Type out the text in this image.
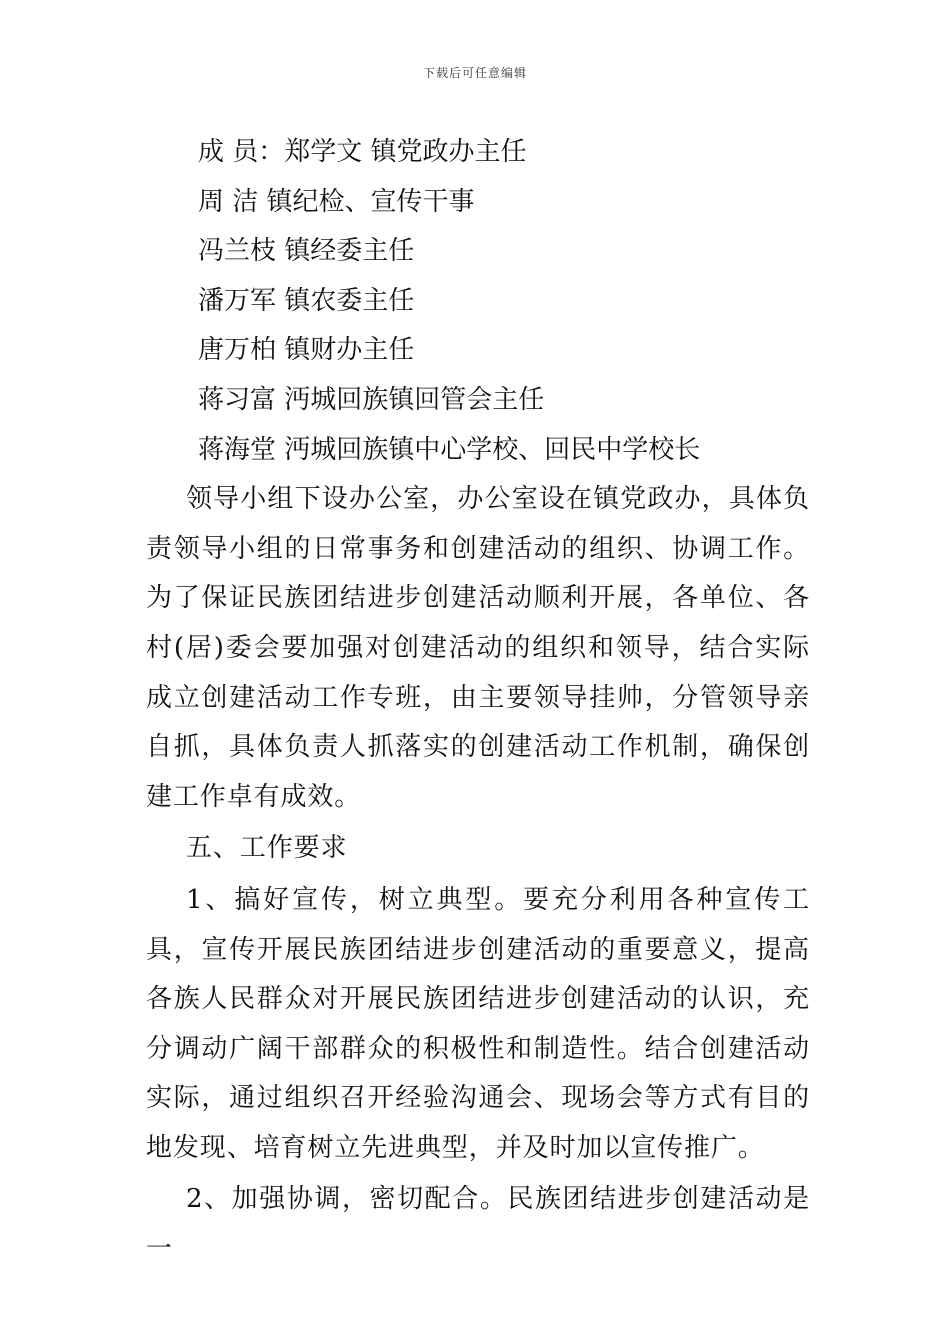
下载后可任意编辑

成 员：郑学文 镇党政办主任

周 洁 镇纪检、宣传干事

冯兰枝 镇经委主任

潘万军 镇农委主任

唐万柏 镇财办主任

蒋习富 沔城回族镇回管会主任

蒋海堂 沔城回族镇中心学校、回民中学校长

领导小组下设办公室，办公室设在镇党政办，具体负责领导小组的日常事务和创建活动的组织、协调工作。为了保证民族团结进步创建活动顺利开展，各单位、各村(居)委会要加强对创建活动的组织和领导，结合实际成立创建活动工作专班，由主要领导挂帅，分管领导亲自抓，具体负责人抓落实的创建活动工作机制，确保创建工作卓有成效。

五、工作要求

1、搞好宣传，树立典型。要充分利用各种宣传工具，宣传开展民族团结进步创建活动的重要意义，提高各族人民群众对开展民族团结进步创建活动的认识，充分调动广阔干部群众的积极性和制造性。结合创建活动实际，通过组织召开经验沟通会、现场会等方式有目的地发现、培育树立先进典型，并及时加以宣传推广。

2、加强协调，密切配合。民族团结进步创建活动是一
